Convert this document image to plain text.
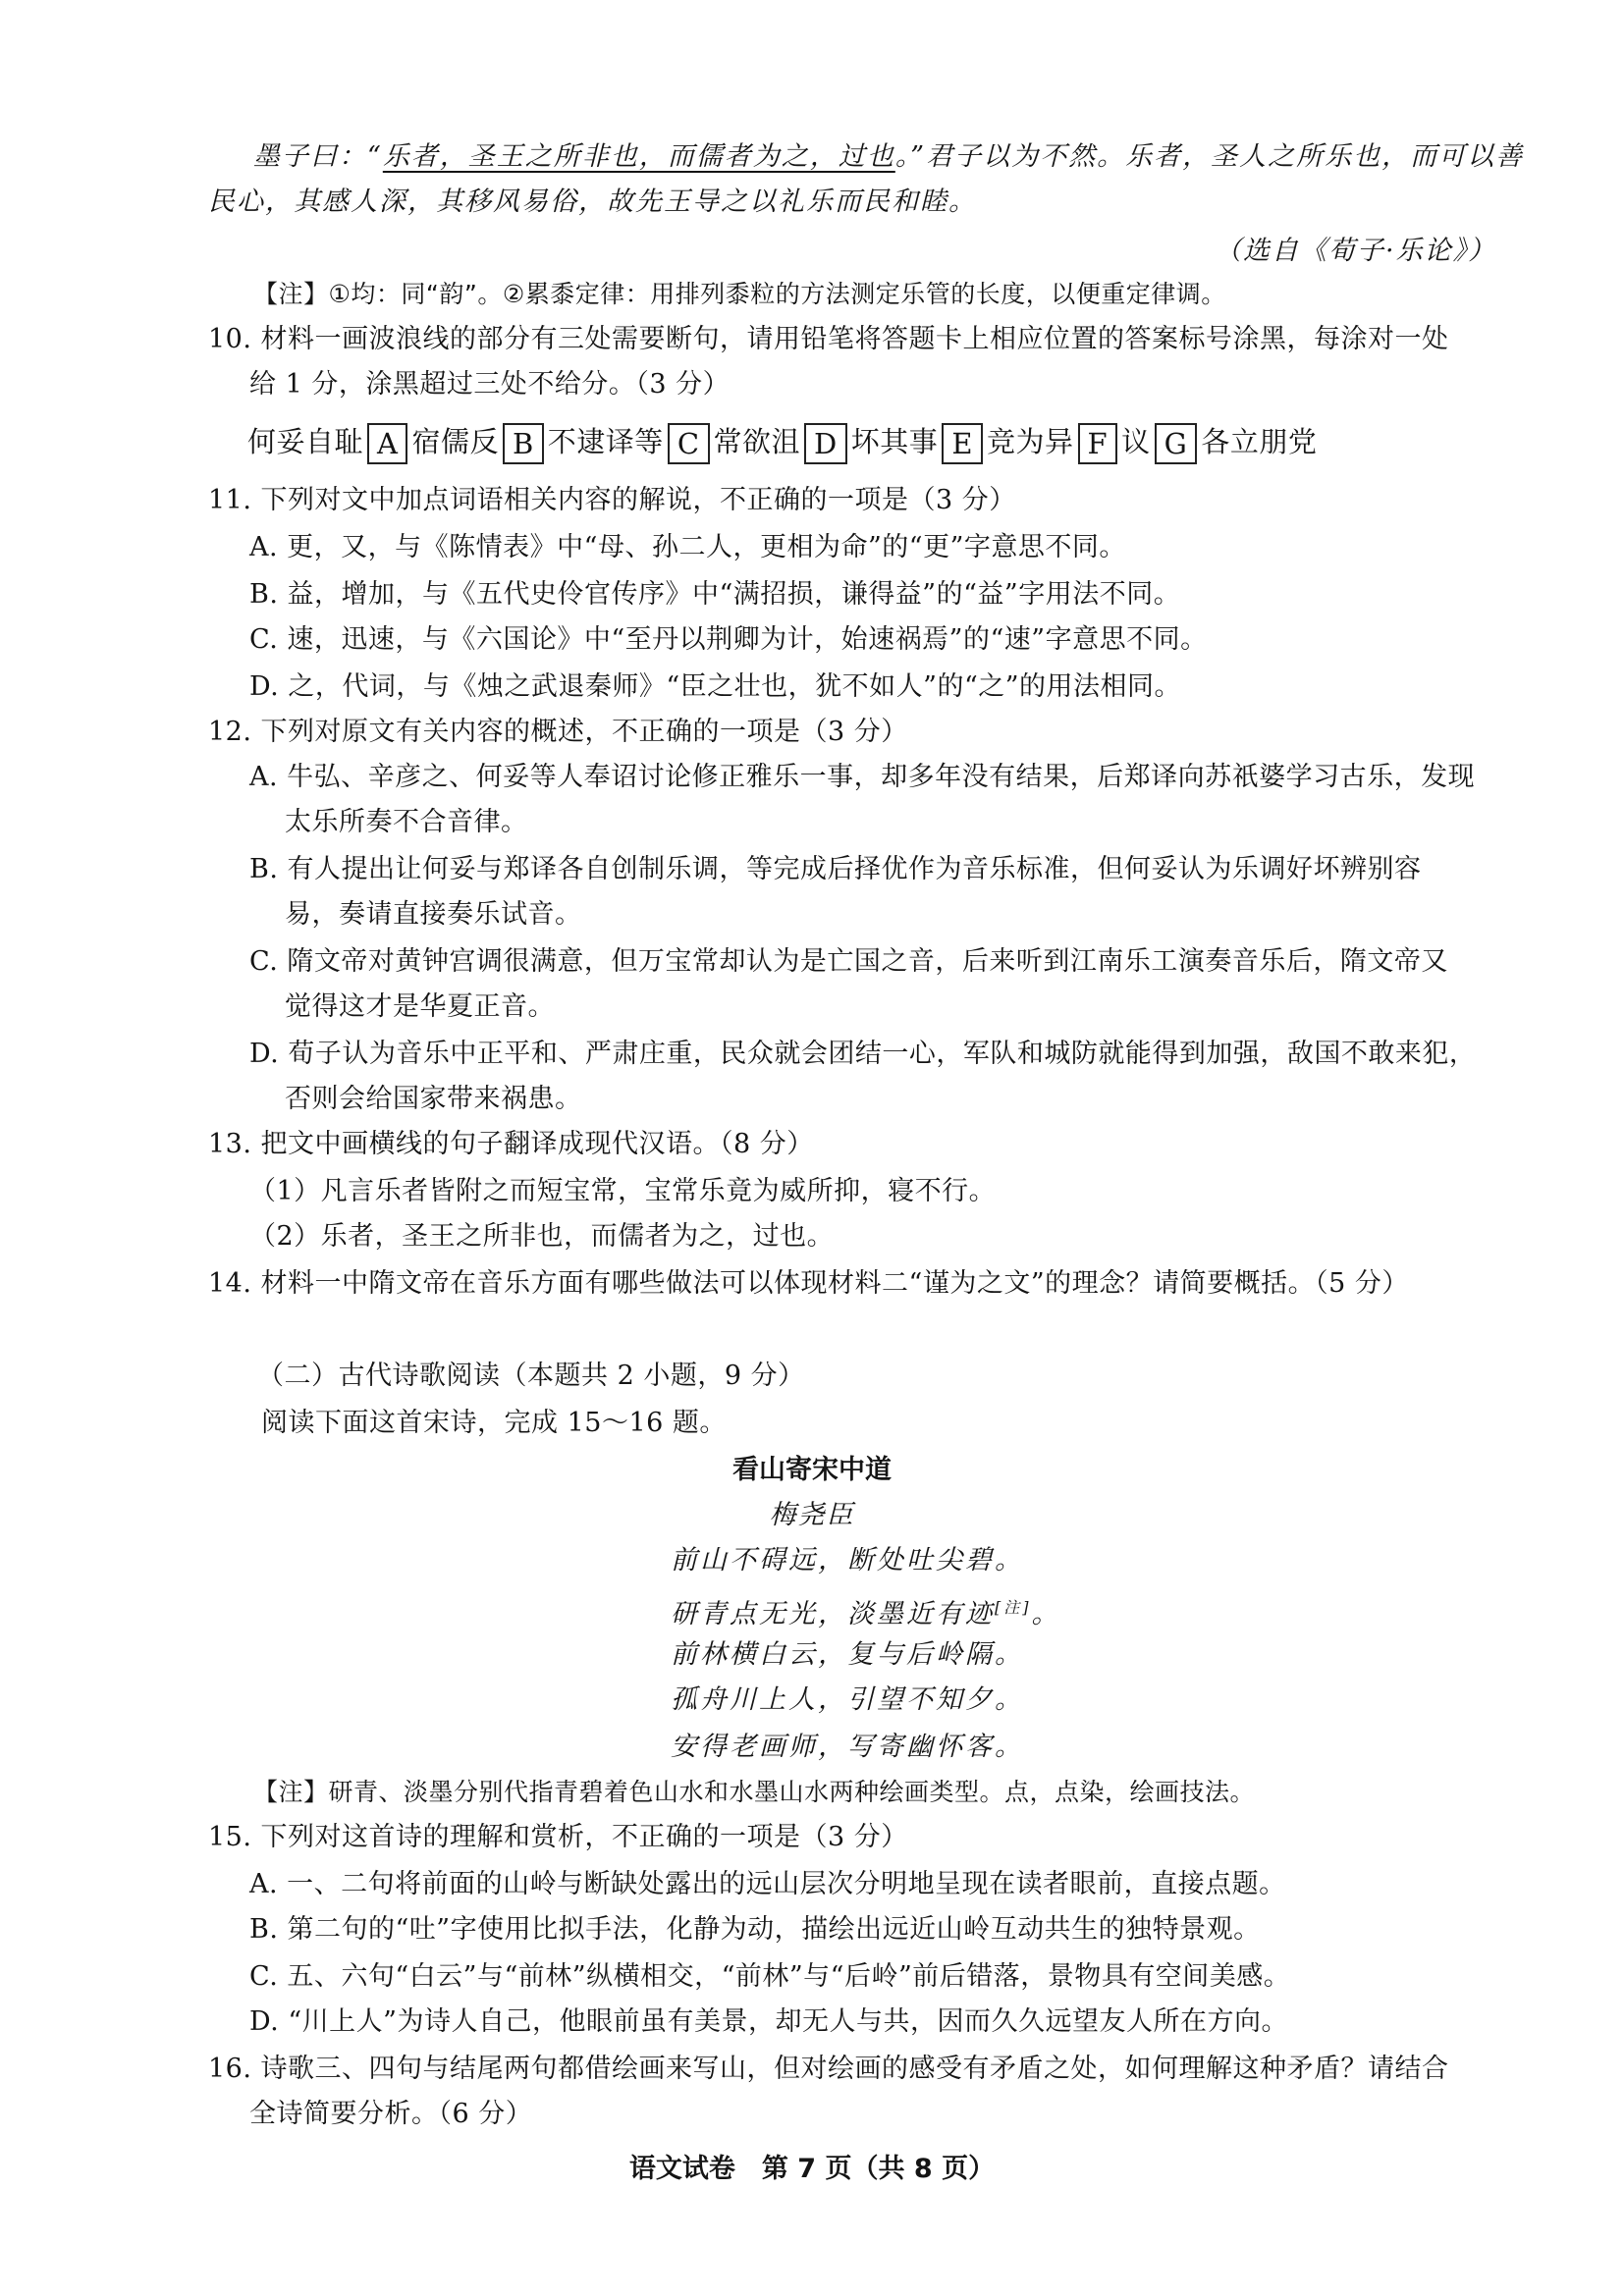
墨子曰：“乐者，圣王之所非也，而儒者为之，过也。”君子以为不然。乐者，圣人之所乐也，而可以善
民心，其感人深，其移风易俗，故先王导之以礼乐而民和睦。
（选自《荀子·乐论》）
【注】①均：同“韵”。②累黍定律：用排列黍粒的方法测定乐管的长度，以便重定律调。
10. 材料一画波浪线的部分有三处需要断句，请用铅笔将答题卡上相应位置的答案标号涂黑，每涂对一处
给 1 分，涂黑超过三处不给分。（3 分）
何妥自耻 A 宿儒反 B 不逮译等 C 常欲沮 D 坏其事 E 竞为异 F 议 G 各立朋党
11. 下列对文中加点词语相关内容的解说，不正确的一项是（3 分）
A. 更，又，与《陈情表》中“母、孙二人，更相为命”的“更”字意思不同。
B. 益，增加，与《五代史伶官传序》中“满招损，谦得益”的“益”字用法不同。
C. 速，迅速，与《六国论》中“至丹以荆卿为计，始速祸焉”的“速”字意思不同。
D. 之，代词，与《烛之武退秦师》“臣之壮也，犹不如人”的“之”的用法相同。
12. 下列对原文有关内容的概述，不正确的一项是（3 分）
A. 牛弘、辛彦之、何妥等人奉诏讨论修正雅乐一事，却多年没有结果，后郑译向苏祇婆学习古乐，发现
太乐所奏不合音律。
B. 有人提出让何妥与郑译各自创制乐调，等完成后择优作为音乐标准，但何妥认为乐调好坏辨别容
易，奏请直接奏乐试音。
C. 隋文帝对黄钟宫调很满意，但万宝常却认为是亡国之音，后来听到江南乐工演奏音乐后，隋文帝又
觉得这才是华夏正音。
D. 荀子认为音乐中正平和、严肃庄重，民众就会团结一心，军队和城防就能得到加强，敌国不敢来犯，
否则会给国家带来祸患。
13. 把文中画横线的句子翻译成现代汉语。（8 分）
（1）凡言乐者皆附之而短宝常，宝常乐竟为威所抑，寝不行。
（2）乐者，圣王之所非也，而儒者为之，过也。
14. 材料一中隋文帝在音乐方面有哪些做法可以体现材料二“谨为之文”的理念？请简要概括。（5 分）
（二）古代诗歌阅读（本题共 2 小题，9 分）
阅读下面这首宋诗，完成 15～16 题。
看山寄宋中道
梅尧臣
前山不碍远，断处吐尖碧。
研青点无光，淡墨近有迹[注]。
前林横白云，复与后岭隔。
孤舟川上人，引望不知夕。
安得老画师，写寄幽怀客。
【注】研青、淡墨分别代指青碧着色山水和水墨山水两种绘画类型。点，点染，绘画技法。
15. 下列对这首诗的理解和赏析，不正确的一项是（3 分）
A. 一、二句将前面的山岭与断缺处露出的远山层次分明地呈现在读者眼前，直接点题。
B. 第二句的“吐”字使用比拟手法，化静为动，描绘出远近山岭互动共生的独特景观。
C. 五、六句“白云”与“前林”纵横相交，“前林”与“后岭”前后错落，景物具有空间美感。
D. “川上人”为诗人自己，他眼前虽有美景，却无人与共，因而久久远望友人所在方向。
16. 诗歌三、四句与结尾两句都借绘画来写山，但对绘画的感受有矛盾之处，如何理解这种矛盾？请结合
全诗简要分析。（6 分）
语文试卷　第 7 页（共 8 页）
